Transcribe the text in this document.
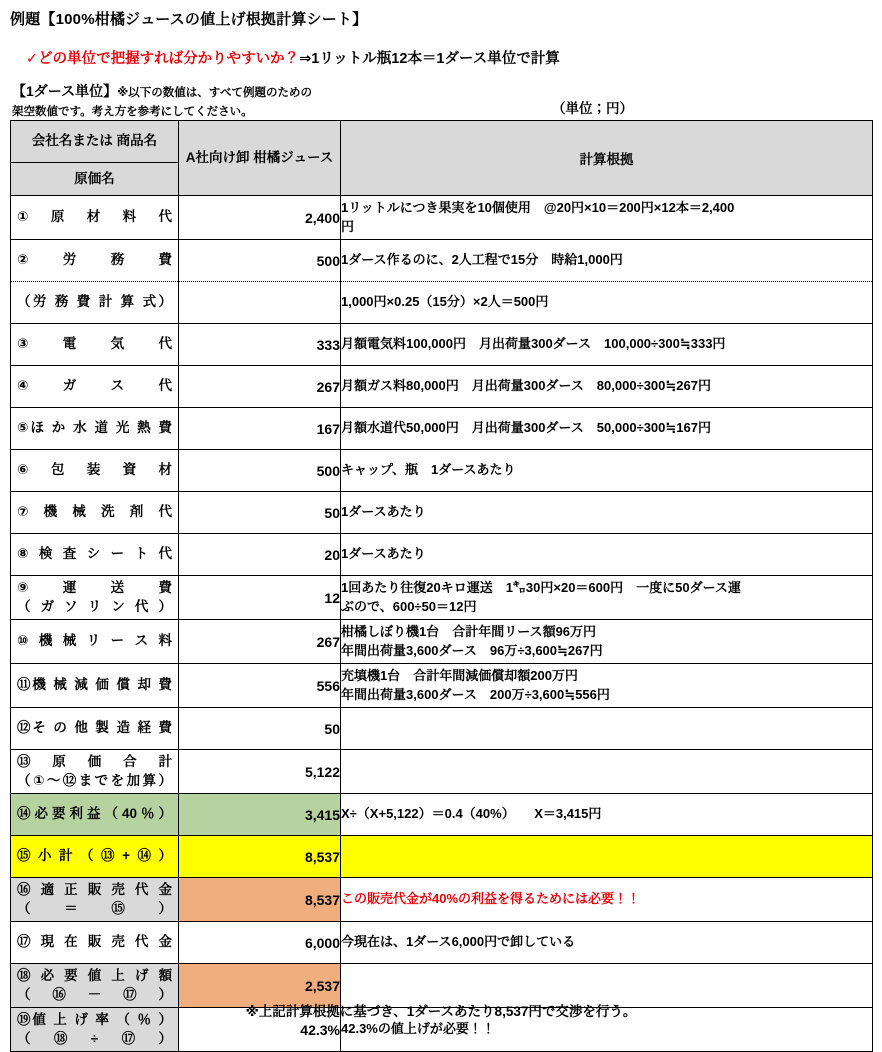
例題【100%柑橘ジュースの値上げ根拠計算シート】
✓どの単位で把握すれば分かりやすいか？⇒1リットル瓶12本＝1ダース単位で計算
【1ダース単位】※以下の数値は、すべて例題のための
架空数値です。考え方を参考にしてください。	（単位；円）
会社名または 商品名	A社向け卸 柑橘ジュース	計算根拠
原価名		

① 原 材 料 代	2,400	1リットルにつき果実を10個使用　@20円×10＝200円×12本＝2,400
円

② 労 務 費	500	1ダース作るのに、2人工程で15分　時給1,000円

（労 務 費 計 算 式）		1,000円×0.25（15分）×2人＝500円

③ 電 気 代	333	月額電気料100,000円　月出荷量300ダース　100,000÷300≒333円

④ ガ ス 代	267	月額ガス料80,000円　月出荷量300ダース　80,000÷300≒267円

⑤ほ か 水 道 光 熱 費	167	月額水道代50,000円　月出荷量300ダース　50,000÷300≒167円

⑥ 包 装 資 材	500	キャップ、瓶　1ダースあたり

⑦ 機 械 洗 剤 代	50	1ダースあたり

⑧ 検 査 シ ー ト 代	20	1ダースあたり

⑨ 運 送 費
（ ガ ソ リ ン 代 ）	12	1回あたり往復20キロ運送　1㌔30円×20＝600円　一度に50ダース運
ぶので、600÷50＝12円

⑩ 機 械 リ ー ス 料	267	柑橘しぼり機1台　合計年間リース額96万円
年間出荷量3,600ダース　96万÷3,600≒267円

⑪機 械 減 価 償 却 費	556	充填機1台　合計年間減価償却額200万円
年間出荷量3,600ダース　200万÷3,600≒556円

⑫そ の 他 製 造 経 費	50	

⑬ 原 価 合 計
（①～⑫までを加算）	5,122	

⑭必要利益（40％）	3,415	X÷（X+5,122）＝0.4（40%）　　X＝3,415円

⑮小計（⑬+⑭）	8,537	

⑯ 適 正 販 売 代 金
（　＝　⑮　）	8,537	この販売代金が40%の利益を得るためには必要！！

⑰ 現 在 販 売 代 金	6,000	今現在は、1ダース6,000円で卸している

⑱ 必 要 値 上 げ 額
（　⑯　－　⑰　）	2,537	

⑲値 上 げ 率 （ ％ ）
（　⑱　÷　⑰　）	42.3%	42.3%の値上げが必要！！
※上記計算根拠に基づき、1ダースあたり8,537円で交渉を行う。
